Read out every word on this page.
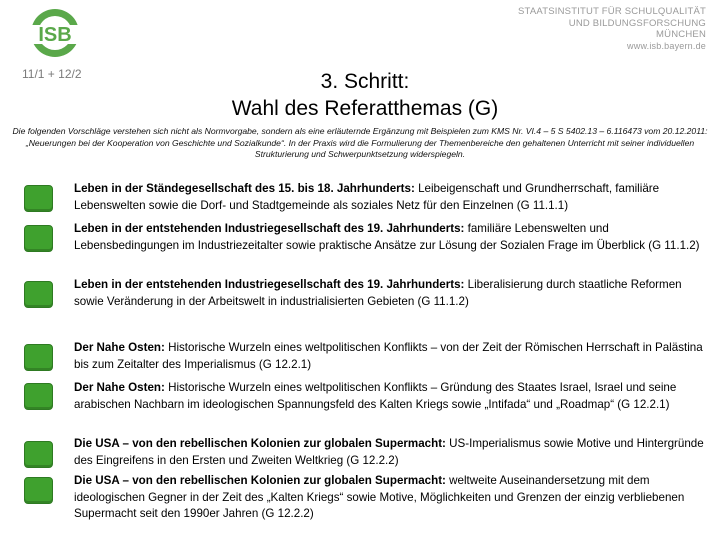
ISB
STAATSINSTITUT FÜR SCHULQUALITÄT
UND BILDUNGSFORSCHUNG
MÜNCHEN
www.isb.bayern.de
11/1 + 12/2	3. Schritt:
Wahl des Referatthemas (G)
Die folgenden Vorschläge verstehen sich nicht als Normvorgabe, sondern als eine erläuternde Ergänzung mit Beispielen zum KMS Nr. VI.4 – 5 S 5402.13 – 6.116473 vom 20.12.2011: „Neuerungen bei der Kooperation von Geschichte und Sozialkunde“. In der Praxis wird die Formulierung der Themenbereiche den gehaltenen Unterricht mit seiner individuellen Strukturierung und Schwerpunktsetzung widerspiegeln.
Leben in der Ständegesellschaft des 15. bis 18. Jahrhunderts: Leibeigenschaft und Grundherrschaft, familiäre Lebenswelten sowie die Dorf- und Stadtgemeinde als soziales Netz für den Einzelnen (G 11.1.1)
Leben in der entstehenden Industriegesellschaft des 19. Jahrhunderts: familiäre Lebenswelten und Lebensbedingungen im Industriezeitalter sowie praktische Ansätze zur Lösung der Sozialen Frage im Überblick (G 11.1.2)
Leben in der entstehenden Industriegesellschaft des 19. Jahrhunderts: Liberalisierung durch staatliche Reformen sowie Veränderung in der Arbeitswelt in industrialisierten Gebieten (G 11.1.2)
Der Nahe Osten: Historische Wurzeln eines weltpolitischen Konflikts – von der Zeit der Römischen Herrschaft in Palästina bis zum Zeitalter des Imperialismus (G 12.2.1)
Der Nahe Osten: Historische Wurzeln eines weltpolitischen Konflikts – Gründung des Staates Israel, Israel und seine arabischen Nachbarn im ideologischen Spannungsfeld des Kalten Kriegs sowie „Intifada“ und „Roadmap“ (G 12.2.1)
Die USA – von den rebellischen Kolonien zur globalen Supermacht: US-Imperialismus sowie Motive und Hintergründe des Eingreifens in den Ersten und Zweiten Weltkrieg (G 12.2.2)
Die USA – von den rebellischen Kolonien zur globalen Supermacht: weltweite Auseinandersetzung mit dem ideologischen Gegner in der Zeit des „Kalten Kriegs“ sowie Motive, Möglichkeiten und Grenzen der einzig verbliebenen Supermacht seit den 1990er Jahren (G 12.2.2)
